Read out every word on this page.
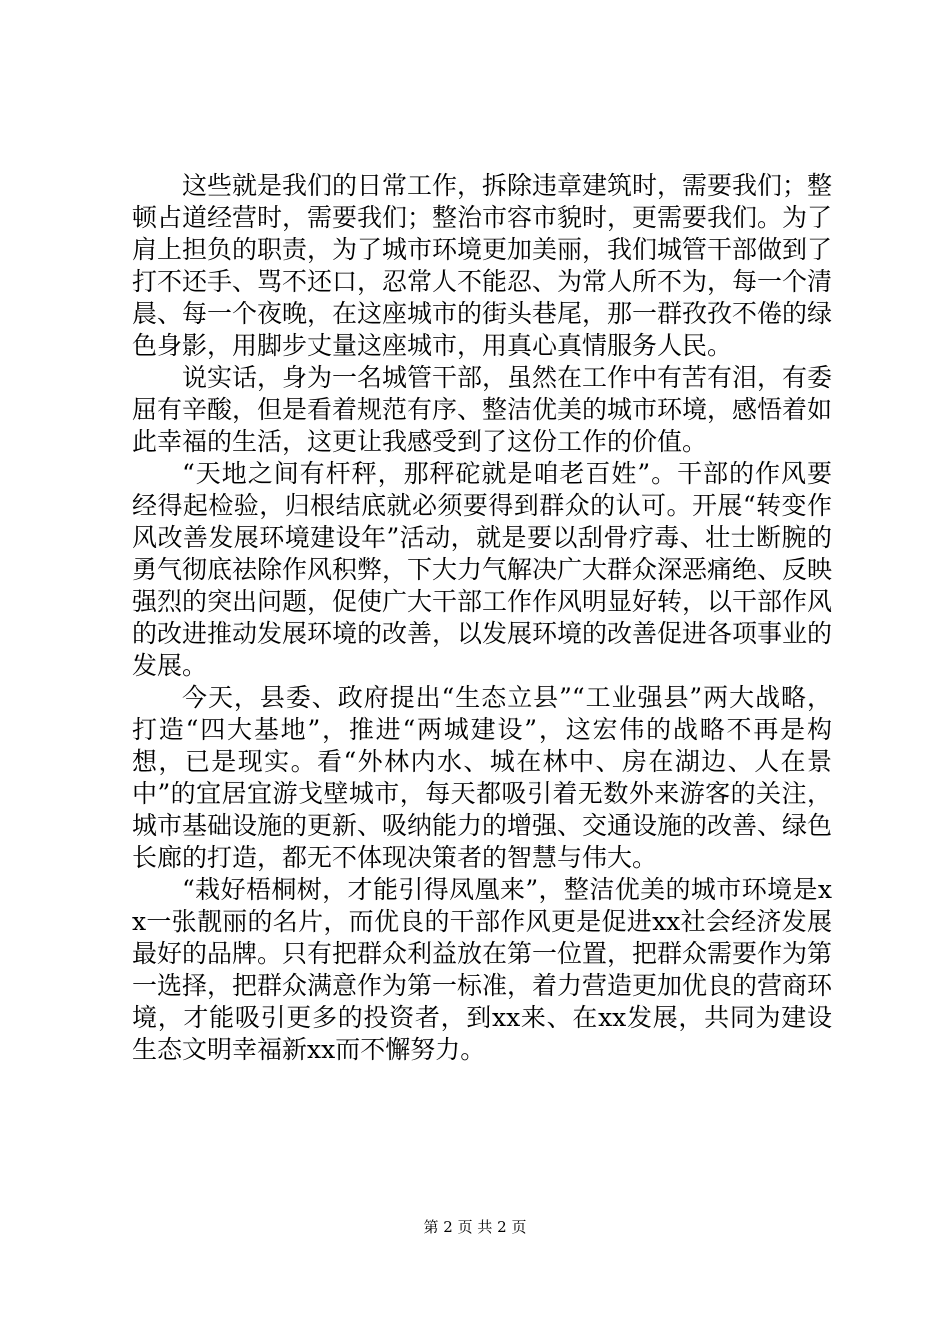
这些就是我们的日常工作，拆除违章建筑时，需要我们；整顿占道经营时，需要我们；整治市容市貌时，更需要我们。为了肩上担负的职责，为了城市环境更加美丽，我们城管干部做到了打不还手、骂不还口，忍常人不能忍、为常人所不为，每一个清晨、每一个夜晚，在这座城市的街头巷尾，那一群孜孜不倦的绿色身影，用脚步丈量这座城市，用真心真情服务人民。

说实话，身为一名城管干部，虽然在工作中有苦有泪，有委屈有辛酸，但是看着规范有序、整洁优美的城市环境，感悟着如此幸福的生活，这更让我感受到了这份工作的价值。

“天地之间有杆秤，那秤砣就是咱老百姓”。干部的作风要经得起检验，归根结底就必须要得到群众的认可。开展“转变作风改善发展环境建设年”活动，就是要以刮骨疗毒、壮士断腕的勇气彻底祛除作风积弊，下大力气解决广大群众深恶痛绝、反映强烈的突出问题，促使广大干部工作作风明显好转，以干部作风的改进推动发展环境的改善，以发展环境的改善促进各项事业的发展。

今天，县委、政府提出“生态立县”“工业强县”两大战略，打造“四大基地”，推进“两城建设”，这宏伟的战略不再是构想，已是现实。看“外林内水、城在林中、房在湖边、人在景中”的宜居宜游戈壁城市，每天都吸引着无数外来游客的关注，城市基础设施的更新、吸纳能力的增强、交通设施的改善、绿色长廊的打造，都无不体现决策者的智慧与伟大。

“栽好梧桐树，才能引得凤凰来”，整洁优美的城市环境是xx一张靓丽的名片，而优良的干部作风更是促进xx社会经济发展最好的品牌。只有把群众利益放在第一位置，把群众需要作为第一选择，把群众满意作为第一标准，着力营造更加优良的营商环境，才能吸引更多的投资者，到xx来、在xx发展，共同为建设生态文明幸福新xx而不懈努力。

第 2 页 共 2 页
